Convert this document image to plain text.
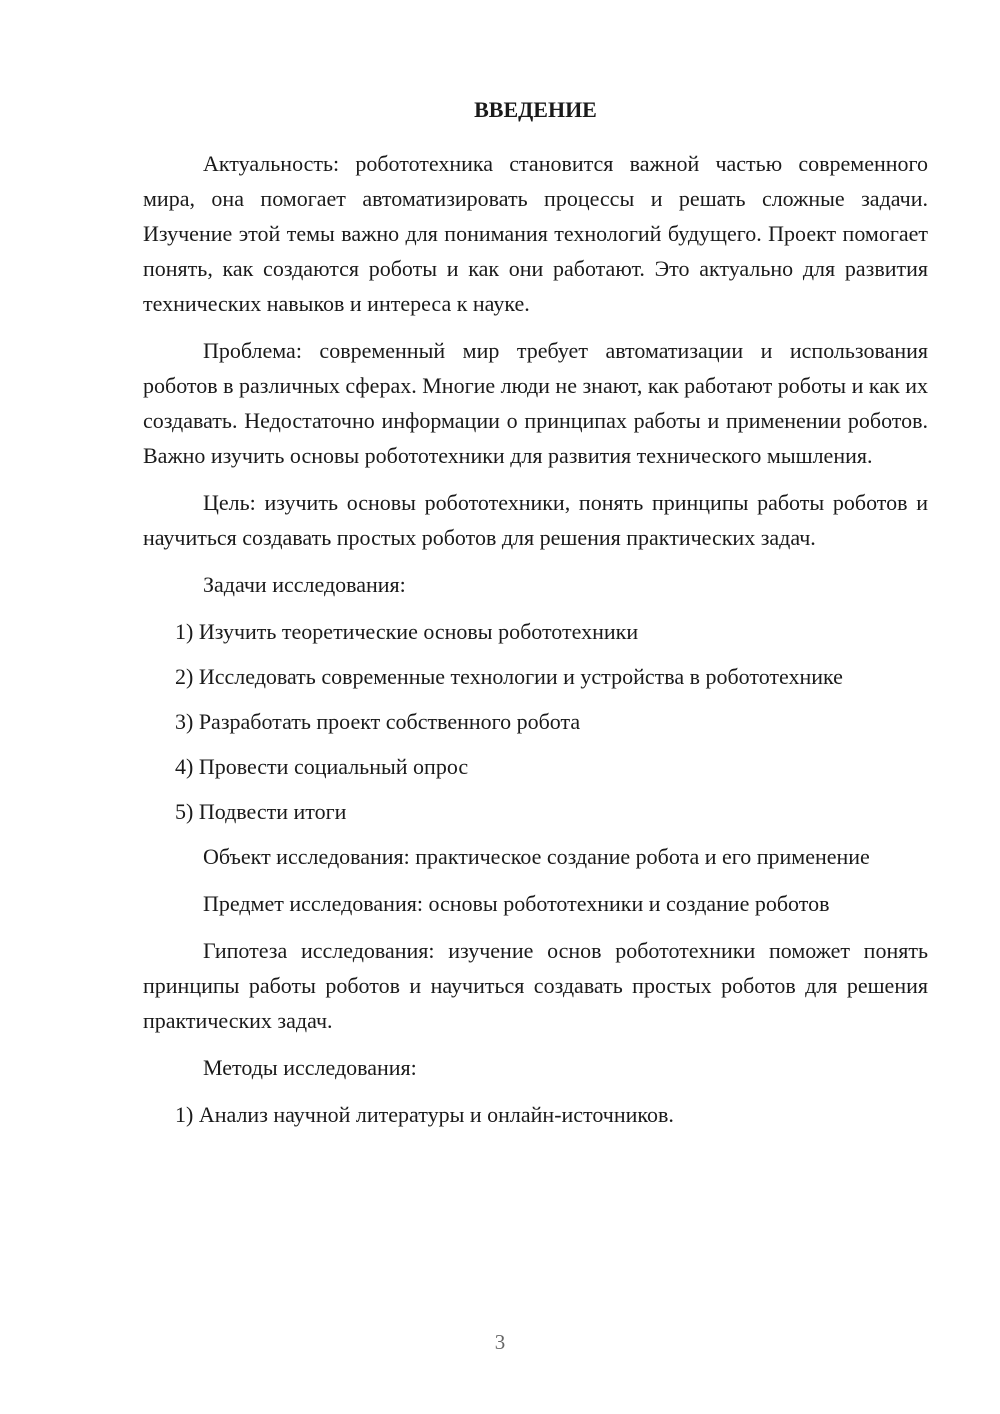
ВВЕДЕНИЕ
Актуальность: робототехника становится важной частью современного мира, она помогает автоматизировать процессы и решать сложные задачи. Изучение этой темы важно для понимания технологий будущего. Проект помогает понять, как создаются роботы и как они работают. Это актуально для развития технических навыков и интереса к науке.
Проблема: современный мир требует автоматизации и использования роботов в различных сферах. Многие люди не знают, как работают роботы и как их создавать. Недостаточно информации о принципах работы и применении роботов. Важно изучить основы робототехники для развития технического мышления.
Цель: изучить основы робототехники, понять принципы работы роботов и научиться создавать простых роботов для решения практических задач.
Задачи исследования:
1) Изучить теоретические основы робототехники
2) Исследовать современные технологии и устройства в робототехнике
3) Разработать проект собственного робота
4) Провести социальный опрос
5) Подвести итоги
Объект исследования: практическое создание робота и его применение
Предмет исследования: основы робототехники и создание роботов
Гипотеза исследования: изучение основ робототехники поможет понять принципы работы роботов и научиться создавать простых роботов для решения практических задач.
Методы исследования:
1) Анализ научной литературы и онлайн-источников.
3
